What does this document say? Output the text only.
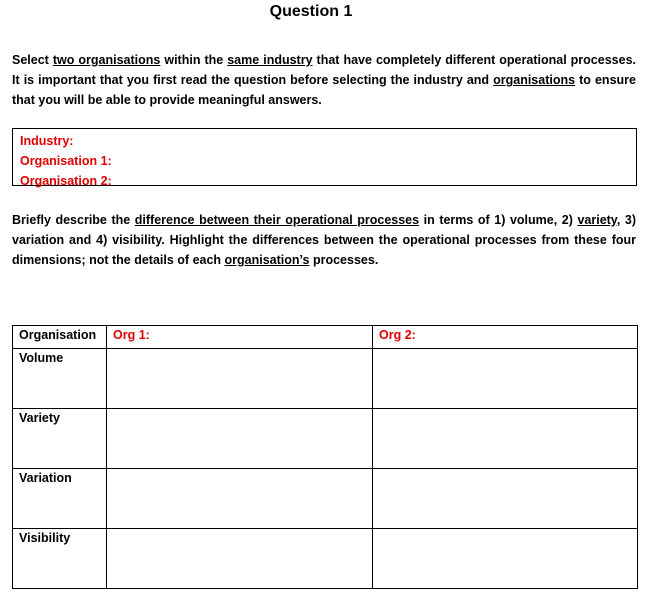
Question 1
Select two organisations within the same industry that have completely different operational processes. It is important that you first read the question before selecting the industry and organisations to ensure that you will be able to provide meaningful answers.
Industry:
Organisation 1:
Organisation 2:
Briefly describe the difference between their operational processes in terms of 1) volume, 2) variety, 3) variation and 4) visibility. Highlight the differences between the operational processes from these four dimensions; not the details of each organisation’s processes.
Organisation	Org 1:	Org 2:
Volume		
Variety		
Variation		
Visibility		
